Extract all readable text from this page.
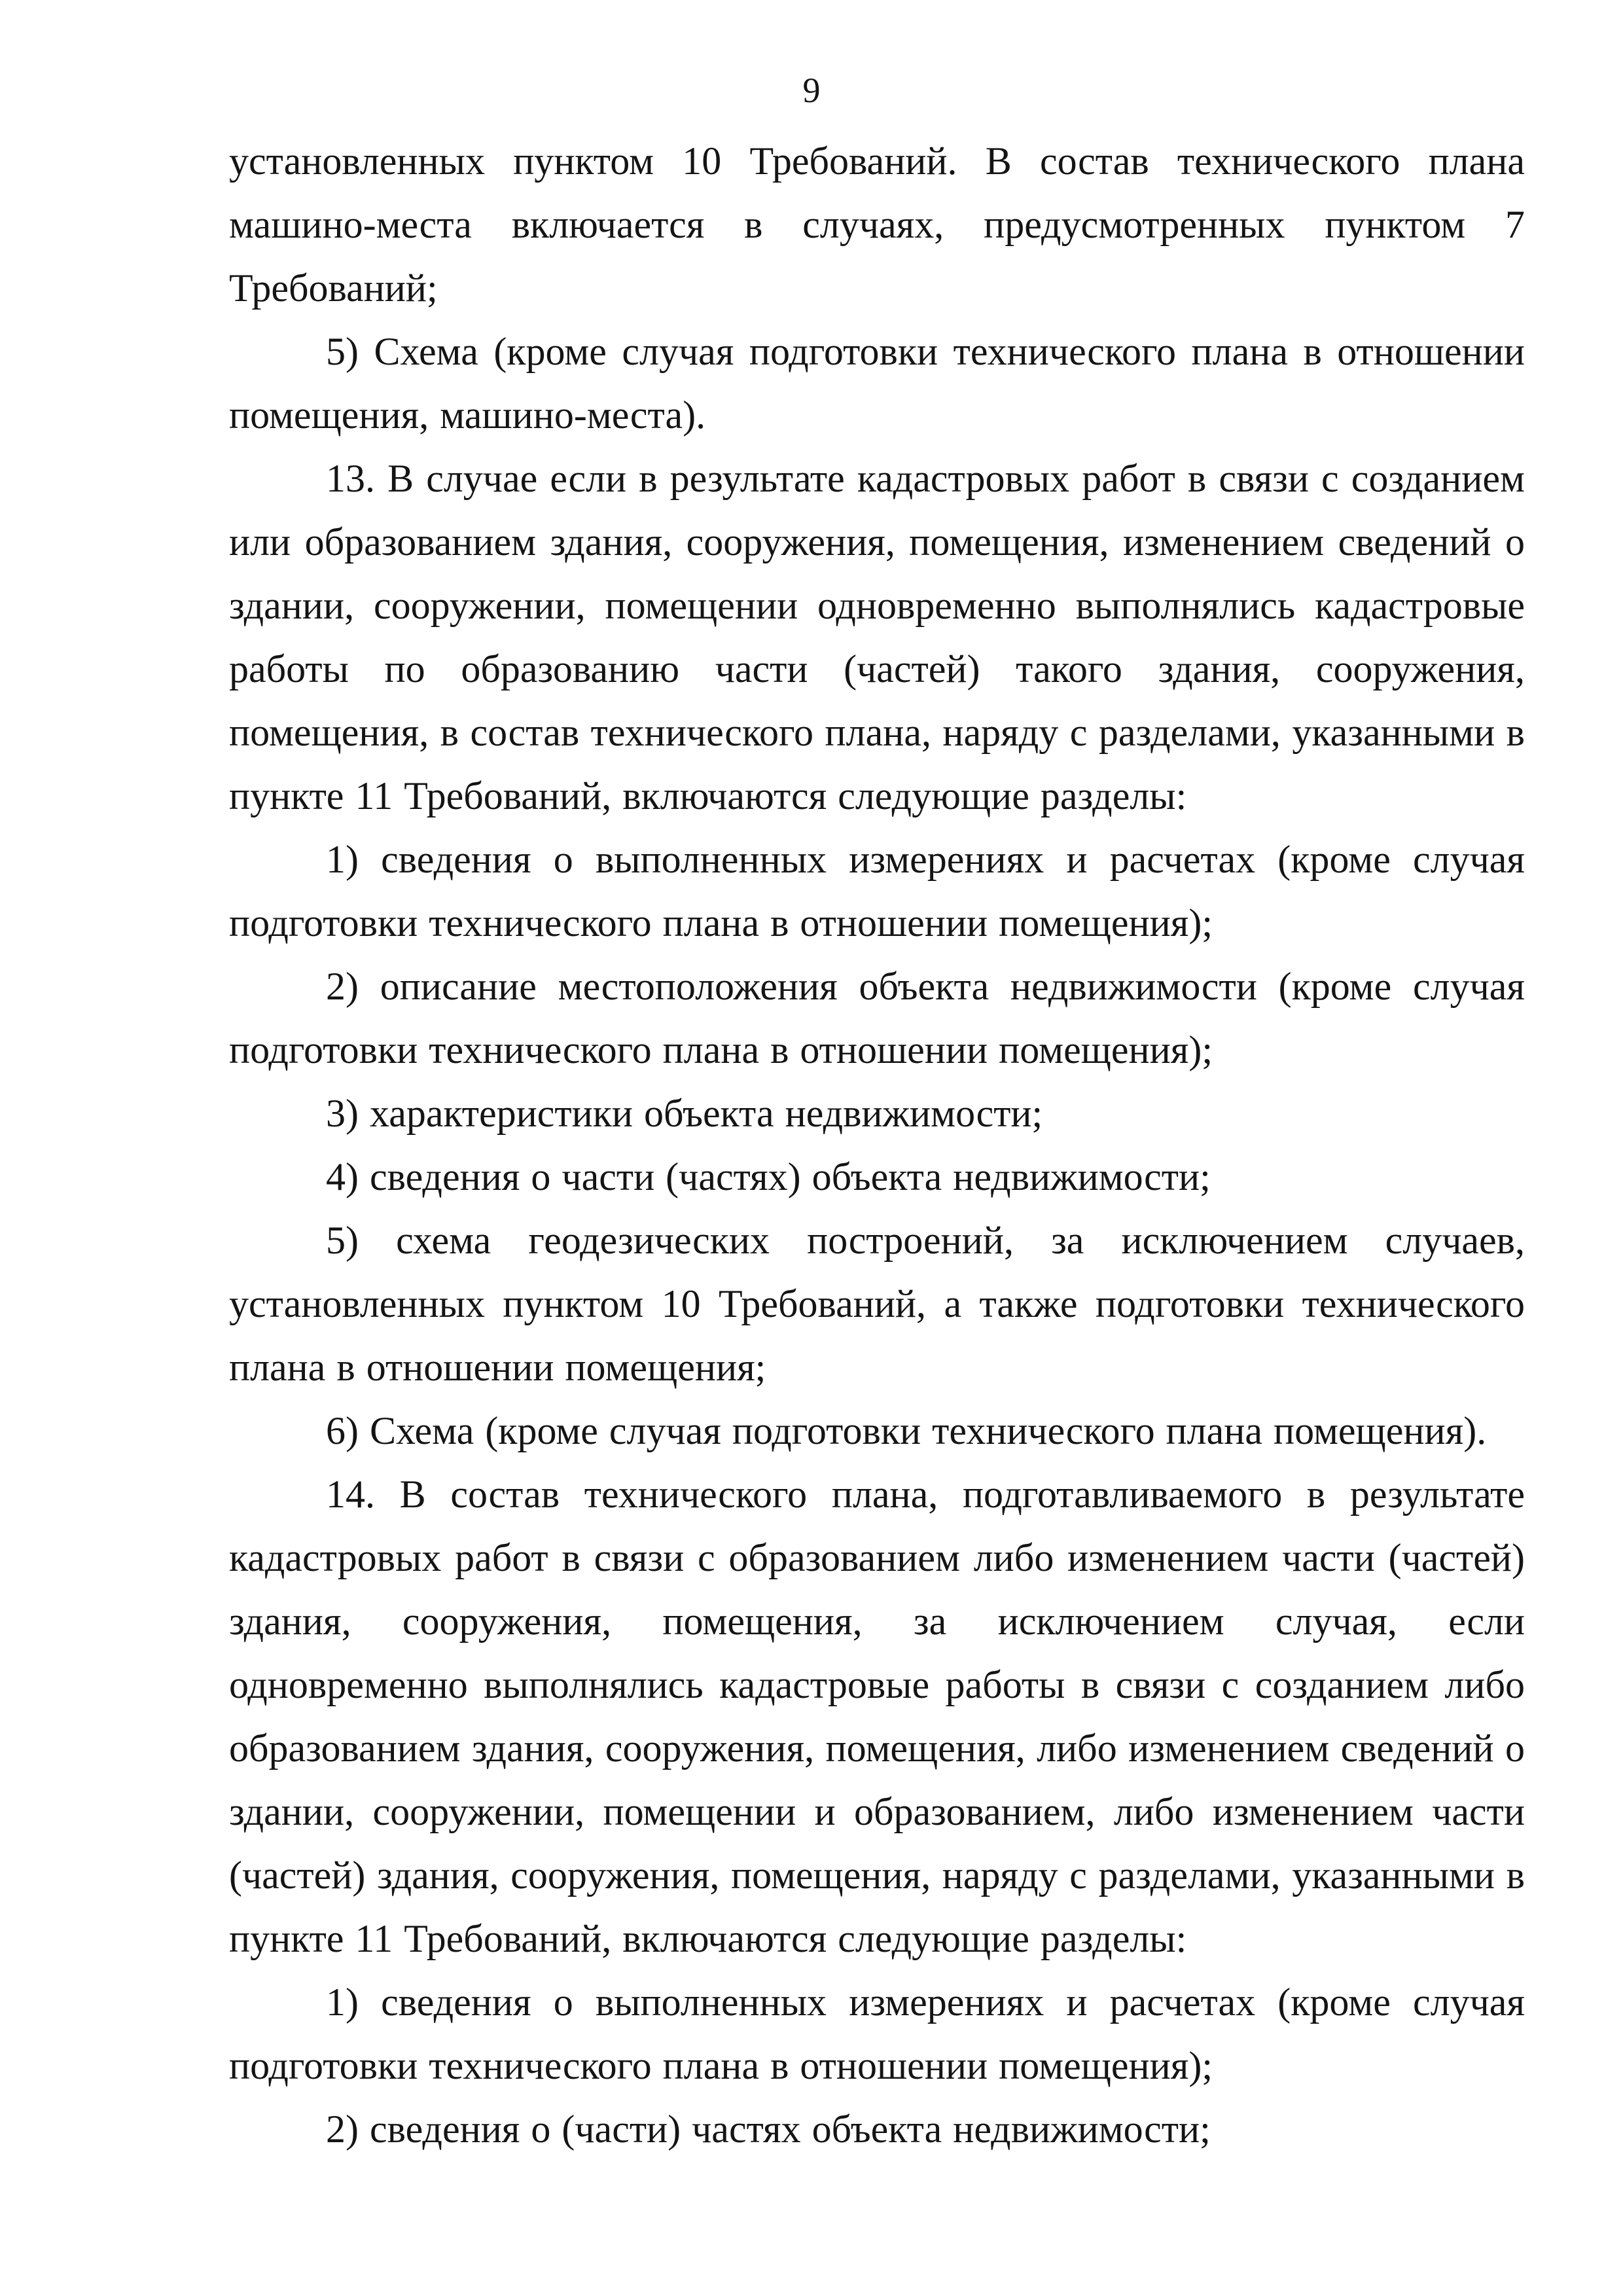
9

установленных пунктом 10 Требований. В состав технического плана машино-места включается в случаях, предусмотренных пунктом 7 Требований;

5) Схема (кроме случая подготовки технического плана в отношении помещения, машино-места).

13. В случае если в результате кадастровых работ в связи с созданием или образованием здания, сооружения, помещения, изменением сведений о здании, сооружении, помещении одновременно выполнялись кадастровые работы по образованию части (частей) такого здания, сооружения, помещения, в состав технического плана, наряду с разделами, указанными в пункте 11 Требований, включаются следующие разделы:

1) сведения о выполненных измерениях и расчетах (кроме случая подготовки технического плана в отношении помещения);

2) описание местоположения объекта недвижимости (кроме случая подготовки технического плана в отношении помещения);

3) характеристики объекта недвижимости;

4) сведения о части (частях) объекта недвижимости;

5) схема геодезических построений, за исключением случаев, установленных пунктом 10 Требований, а также подготовки технического плана в отношении помещения;

6) Схема (кроме случая подготовки технического плана помещения).

14. В состав технического плана, подготавливаемого в результате кадастровых работ в связи с образованием либо изменением части (частей) здания, сооружения, помещения, за исключением случая, если одновременно выполнялись кадастровые работы в связи с созданием либо образованием здания, сооружения, помещения, либо изменением сведений о здании, сооружении, помещении и образованием, либо изменением части (частей) здания, сооружения, помещения, наряду с разделами, указанными в пункте 11 Требований, включаются следующие разделы:

1) сведения о выполненных измерениях и расчетах (кроме случая подготовки технического плана в отношении помещения);

2) сведения о (части) частях объекта недвижимости;
